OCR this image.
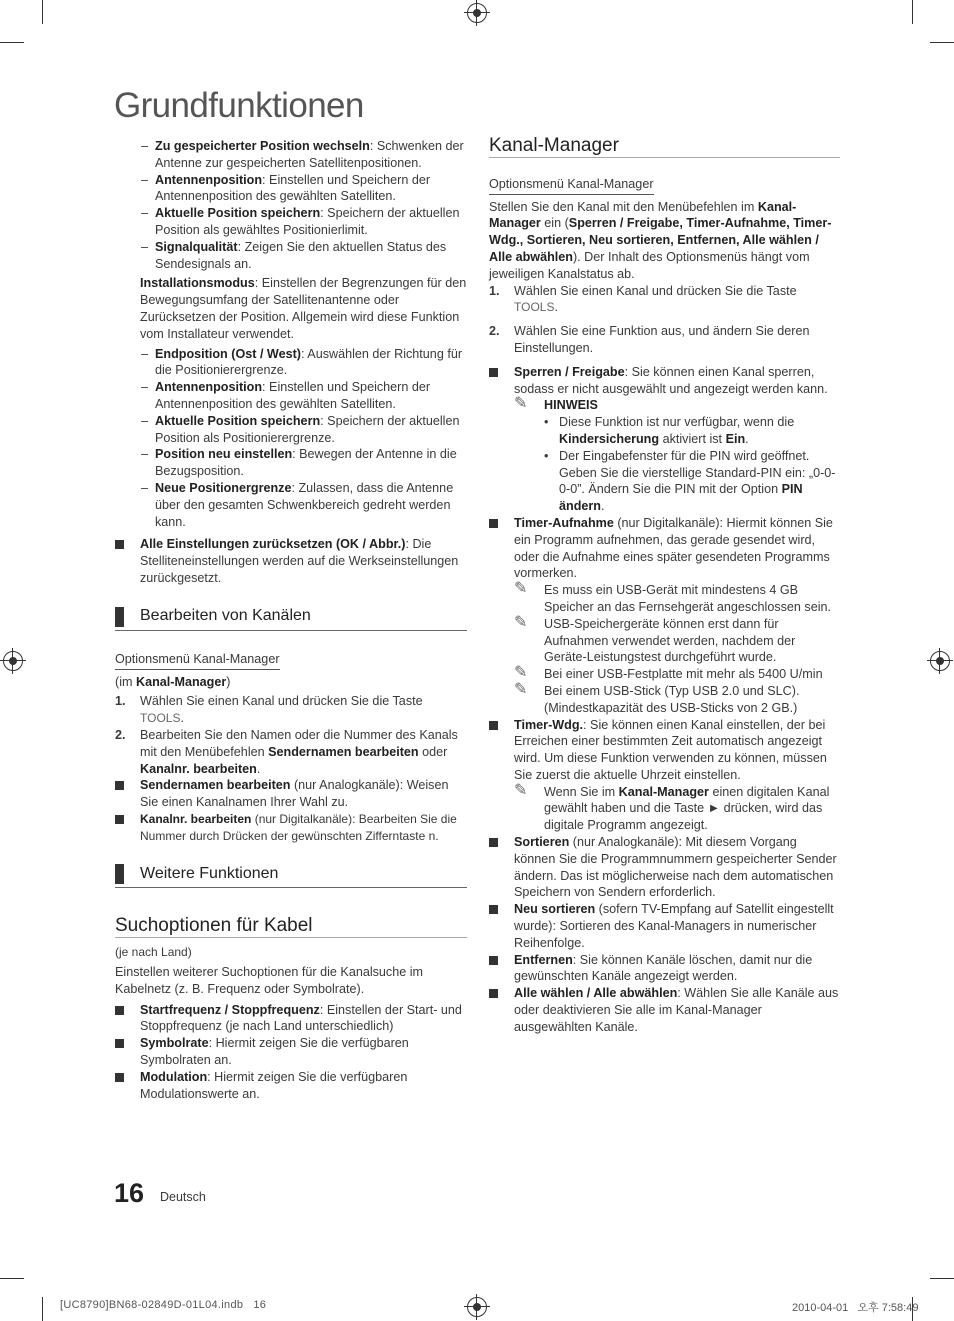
Grundfunktionen

– Zu gespeicherter Position wechseln: Schwenken der Antenne zur gespeicherten Satellitenpositionen.

– Antennenposition: Einstellen und Speichern der Antennenposition des gewählten Satelliten.

– Aktuelle Position speichern: Speichern der aktuellen Position als gewähltes Positionierlimit.

– Signalqualität: Zeigen Sie den aktuellen Status des Sendesignals an.

Installationsmodus: Einstellen der Begrenzungen für den Bewegungsumfang der Satellitenantenne oder Zurücksetzen der Position. Allgemein wird diese Funktion vom Installateur verwendet.

– Endposition (Ost / West): Auswählen der Richtung für die Positionierergrenze.

– Antennenposition: Einstellen und Speichern der Antennenposition des gewählten Satelliten.

– Aktuelle Position speichern: Speichern der aktuellen Position als Positionierergrenze.

– Position neu einstellen: Bewegen der Antenne in die Bezugsposition.

– Neue Positionergrenze: Zulassen, dass die Antenne über den gesamten Schwenkbereich gedreht werden kann.

Alle Einstellungen zurücksetzen (OK / Abbr.): Die Stelliteneinstellungen werden auf die Werkseinstellungen zurückgesetzt.

Bearbeiten von Kanälen

Optionsmenü Kanal-Manager

(im Kanal-Manager)

1. Wählen Sie einen Kanal und drücken Sie die Taste
TOOLS.

2. Bearbeiten Sie den Namen oder die Nummer des Kanals mit den Menübefehlen Sendernamen bearbeiten oder Kanalnr. bearbeiten.

Sendernamen bearbeiten (nur Analogkanäle): Weisen Sie einen Kanalnamen Ihrer Wahl zu.

Kanalnr. bearbeiten (nur Digitalkanäle): Bearbeiten Sie die Nummer durch Drücken der gewünschten Zifferntaste n.

Weitere Funktionen
Suchoptionen für Kabel

(je nach Land)

Einstellen weiterer Suchoptionen für die Kanalsuche im Kabelnetz (z. B. Frequenz oder Symbolrate).

Startfrequenz / Stoppfrequenz: Einstellen der Start- und Stoppfrequenz (je nach Land unterschiedlich)

Symbolrate: Hiermit zeigen Sie die verfügbaren Symbolraten an.

Modulation: Hiermit zeigen Sie die verfügbaren Modulationswerte an.

Kanal-Manager

Optionsmenü Kanal-Manager

Stellen Sie den Kanal mit den Menübefehlen im Kanal-Manager ein (Sperren / Freigabe, Timer-Aufnahme, Timer-Wdg., Sortieren, Neu sortieren, Entfernen, Alle wählen / Alle abwählen). Der Inhalt des Optionsmenüs hängt vom jeweiligen Kanalstatus ab.

1. Wählen Sie einen Kanal und drücken Sie die Taste
TOOLS.

2. Wählen Sie eine Funktion aus, und ändern Sie deren Einstellungen.

Sperren / Freigabe: Sie können einen Kanal sperren, sodass er nicht ausgewählt und angezeigt werden kann.

✎ HINWEIS

• Diese Funktion ist nur verfügbar, wenn die Kindersicherung aktiviert ist Ein.

• Der Eingabefenster für die PIN wird geöffnet. Geben Sie die vierstellige Standard-PIN ein: „0-0-0-0”. Ändern Sie die PIN mit der Option PIN ändern.

Timer-Aufnahme (nur Digitalkanäle): Hiermit können Sie ein Programm aufnehmen, das gerade gesendet wird, oder die Aufnahme eines später gesendeten Programms vormerken.

✎ Es muss ein USB-Gerät mit mindestens 4 GB Speicher an das Fernsehgerät angeschlossen sein.

✎ USB-Speichergeräte können erst dann für Aufnahmen verwendet werden, nachdem der Geräte-Leistungstest durchgeführt wurde.

✎ Bei einer USB-Festplatte mit mehr als 5400 U/min

✎ Bei einem USB-Stick (Typ USB 2.0 und SLC). (Mindestkapazität des USB-Sticks von 2 GB.)

Timer-Wdg.: Sie können einen Kanal einstellen, der bei Erreichen einer bestimmten Zeit automatisch angezeigt wird. Um diese Funktion verwenden zu können, müssen Sie zuerst die aktuelle Uhrzeit einstellen.

✎ Wenn Sie im Kanal-Manager einen digitalen Kanal gewählt haben und die Taste ► drücken, wird das digitale Programm angezeigt.

Sortieren (nur Analogkanäle): Mit diesem Vorgang können Sie die Programmnummern gespeicherter Sender ändern. Das ist möglicherweise nach dem automatischen Speichern von Sendern erforderlich.

Neu sortieren (sofern TV-Empfang auf Satellit eingestellt wurde): Sortieren des Kanal-Managers in numerischer Reihenfolge.

Entfernen: Sie können Kanäle löschen, damit nur die gewünschten Kanäle angezeigt werden.

Alle wählen / Alle abwählen: Wählen Sie alle Kanäle aus oder deaktivieren Sie alle im Kanal-Manager ausgewählten Kanäle.

16 Deutsch
[UC8790]BN68-02849D-01L04.indb   16	2010-04-01   오후 7:58:49
